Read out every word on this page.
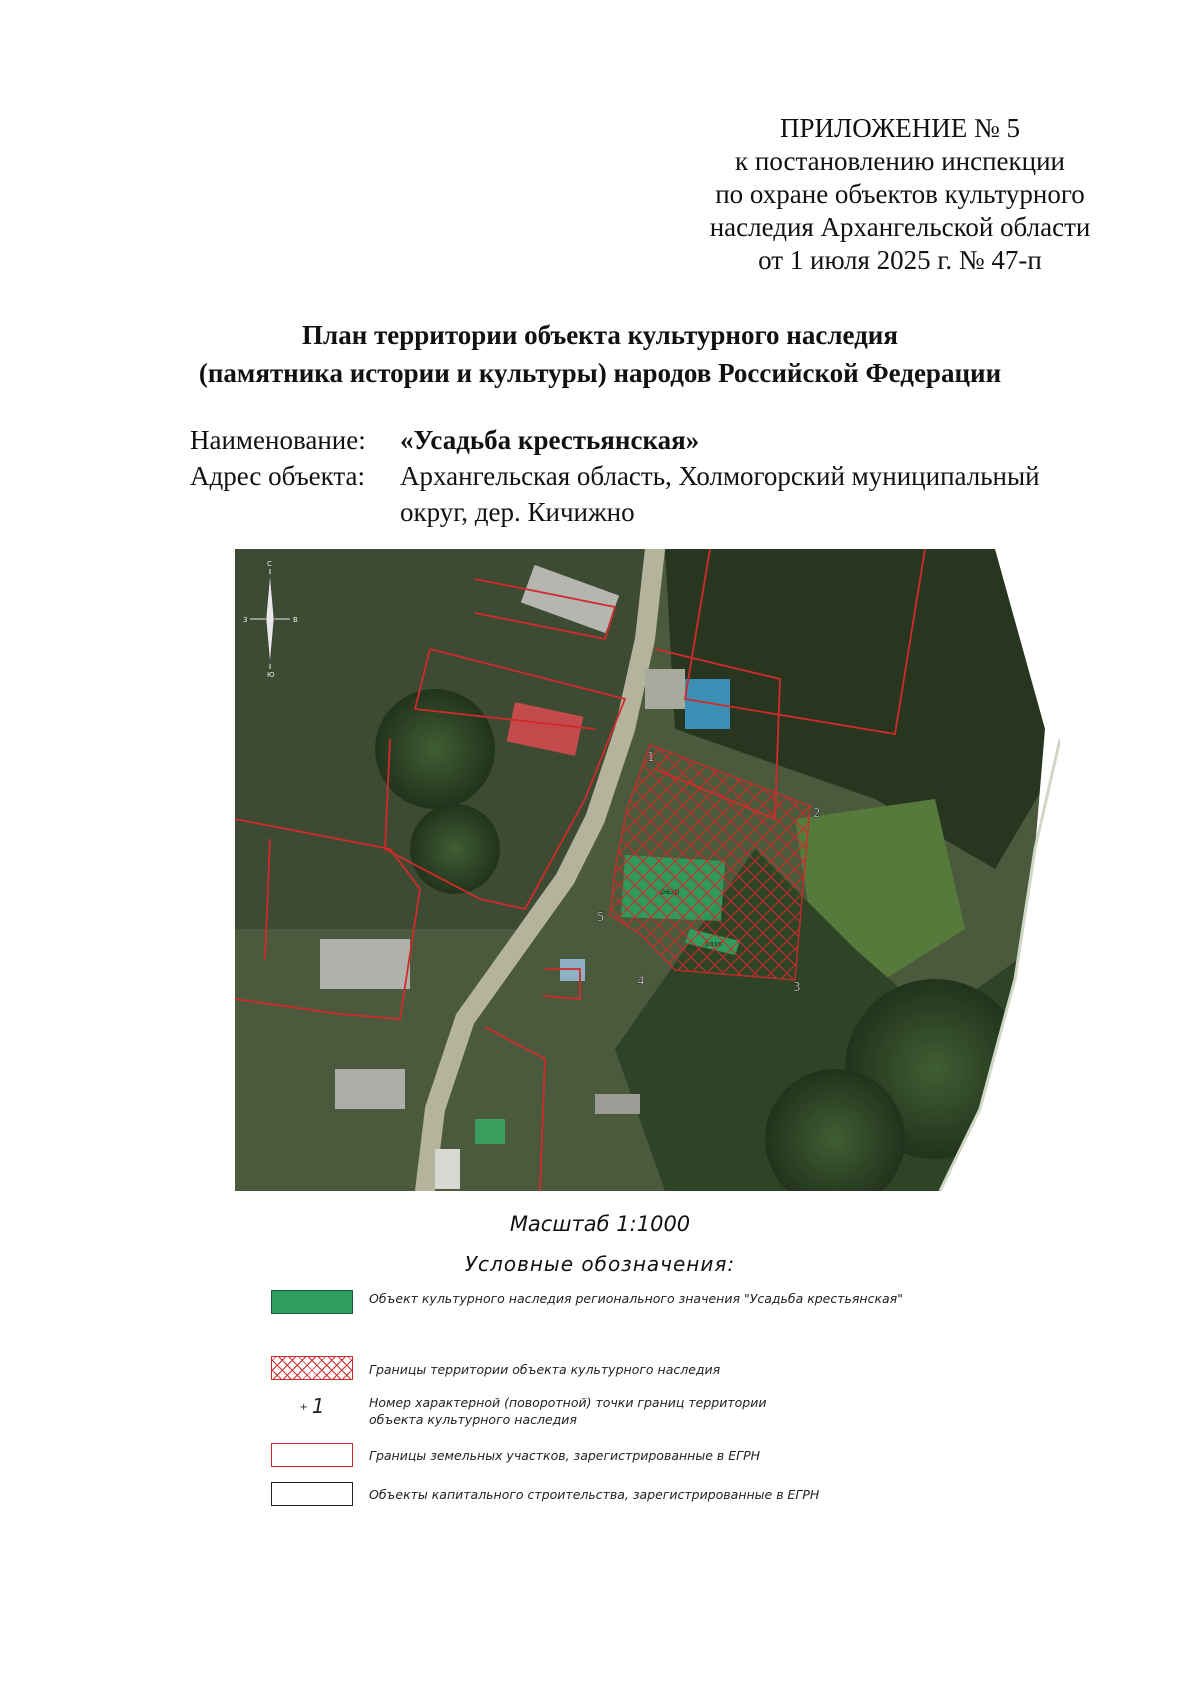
ПРИЛОЖЕНИЕ № 5
к постановлению инспекции
по охране объектов культурного
наследия Архангельской области
от 1 июля 2025 г. № 47-п
План территории объекта культурного наследия
(памятника истории и культуры) народов Российской Федерации
Наименование:	«Усадьба крестьянская»
Адрес объекта:	Архангельская область, Холмогорский муниципальный округ, дер. Кичижно
1
2
3
4
5
С
Ю
З	В
Масштаб 1:1000
Условные обозначения:
Объект культурного наследия регионального значения "Усадьба крестьянская"
Границы территории объекта культурного наследия
+ 1	Номер характерной (поворотной) точки границ территории
объекта культурного наследия
Границы земельных участков, зарегистрированные в ЕГРН
Объекты капитального строительства, зарегистрированные в ЕГРН
